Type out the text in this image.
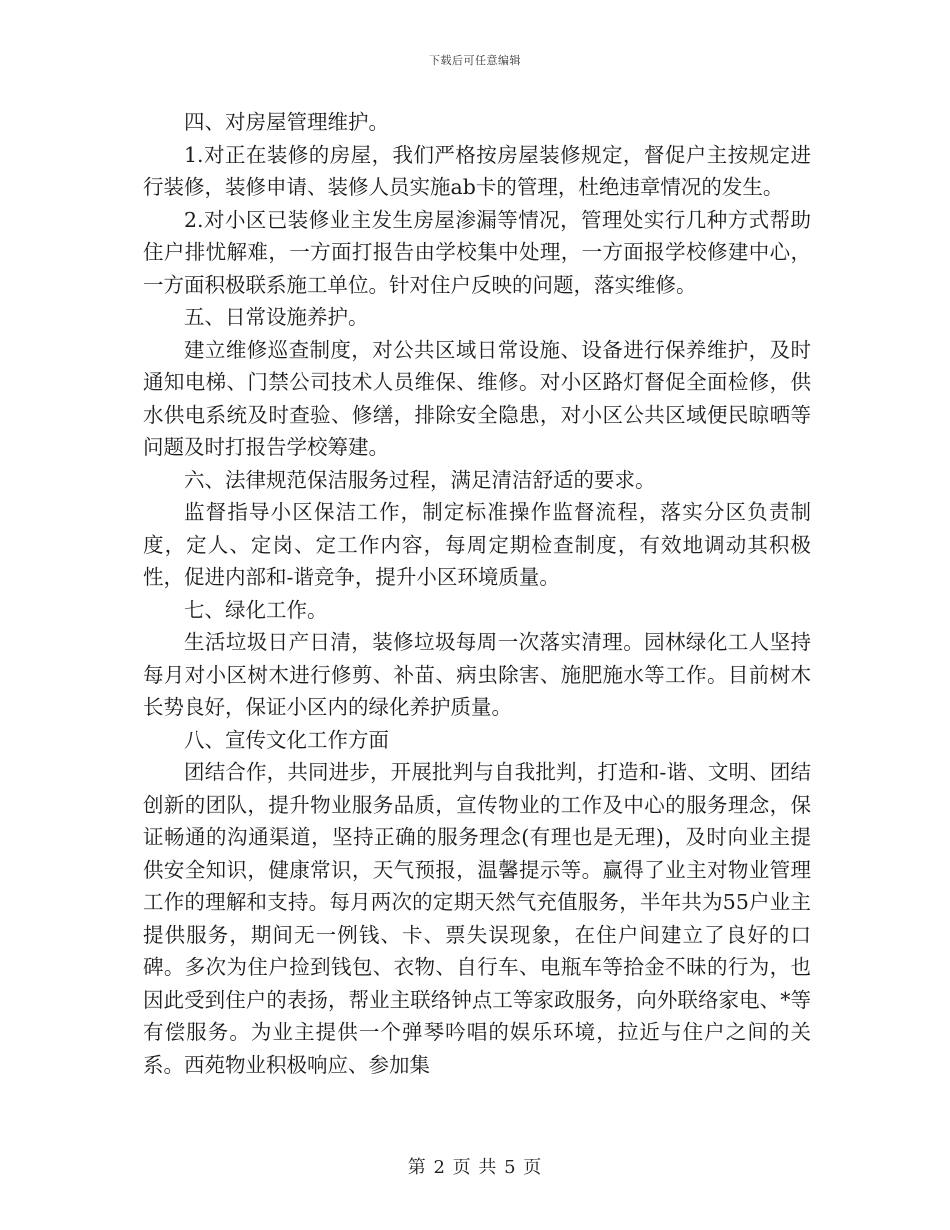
下载后可任意编辑

四、对房屋管理维护。

1.对正在装修的房屋，我们严格按房屋装修规定，督促户主按规定进行装修，装修申请、装修人员实施ab卡的管理，杜绝违章情况的发生。

2.对小区已装修业主发生房屋渗漏等情况，管理处实行几种方式帮助住户排忧解难，一方面打报告由学校集中处理，一方面报学校修建中心，一方面积极联系施工单位。针对住户反映的问题，落实维修。

五、日常设施养护。

建立维修巡查制度，对公共区域日常设施、设备进行保养维护，及时通知电梯、门禁公司技术人员维保、维修。对小区路灯督促全面检修，供水供电系统及时查验、修缮，排除安全隐患，对小区公共区域便民晾晒等问题及时打报告学校筹建。

六、法律规范保洁服务过程，满足清洁舒适的要求。

监督指导小区保洁工作，制定标准操作监督流程，落实分区负责制度，定人、定岗、定工作内容，每周定期检查制度，有效地调动其积极性，促进内部和-谐竞争，提升小区环境质量。

七、绿化工作。

生活垃圾日产日清，装修垃圾每周一次落实清理。园林绿化工人坚持每月对小区树木进行修剪、补苗、病虫除害、施肥施水等工作。目前树木长势良好，保证小区内的绿化养护质量。

八、宣传文化工作方面

团结合作，共同进步，开展批判与自我批判，打造和-谐、文明、团结创新的团队，提升物业服务品质，宣传物业的工作及中心的服务理念，保证畅通的沟通渠道，坚持正确的服务理念(有理也是无理)，及时向业主提供安全知识，健康常识，天气预报，温馨提示等。赢得了业主对物业管理工作的理解和支持。每月两次的定期天然气充值服务，半年共为55户业主提供服务，期间无一例钱、卡、票失误现象，在住户间建立了良好的口碑。多次为住户捡到钱包、衣物、自行车、电瓶车等拾金不昧的行为，也因此受到住户的表扬，帮业主联络钟点工等家政服务，向外联络家电、*等有偿服务。为业主提供一个弹琴吟唱的娱乐环境，拉近与住户之间的关系。西苑物业积极响应、参加集

第 2 页 共 5 页
